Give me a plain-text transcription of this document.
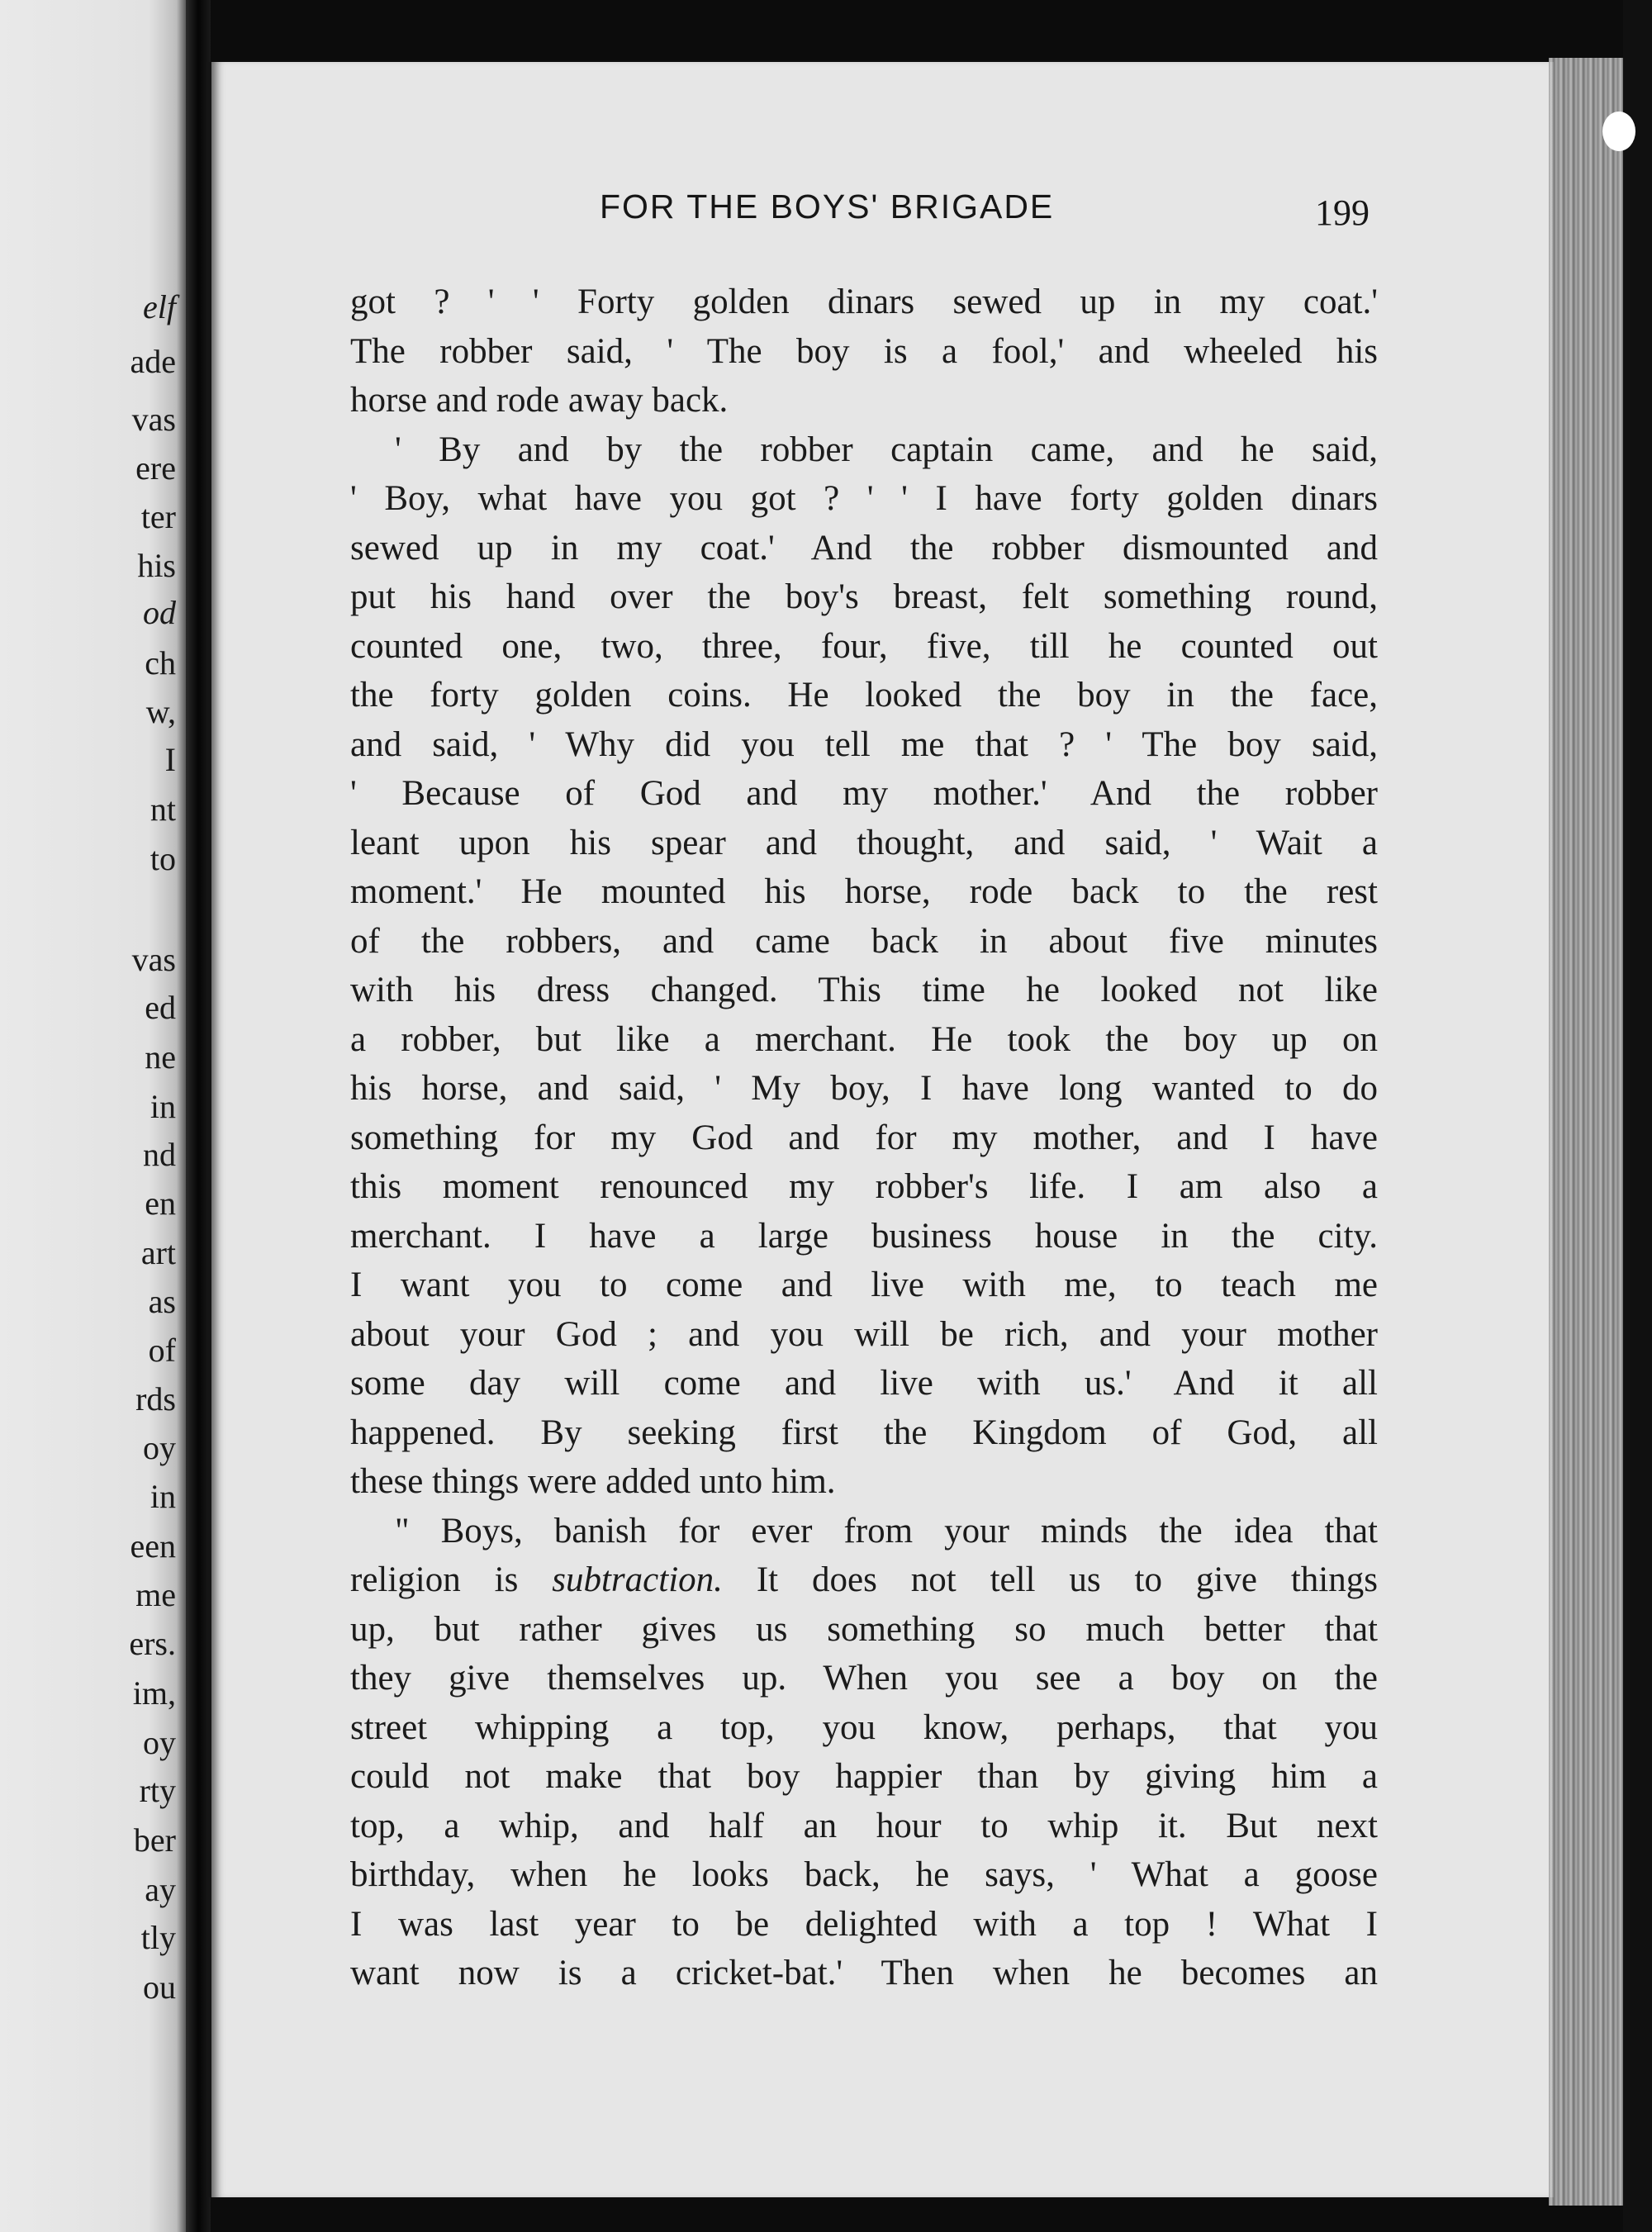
elf
ade
vas
ere
ter
his
od
ch
w,
I
nt
to
vas
ed
ne
in
nd
en
art
as
of
rds
oy
in
een
me
ers.
im,
oy
rty
ber
ay
tly
ou
FOR THE BOYS' BRIGADE	199
got ? ' ' Forty golden dinars sewed up in my coat.'
The robber said, ' The boy is a fool,' and wheeled his
horse and rode away back.
' By and by the robber captain came, and he said,
' Boy, what have you got ? ' ' I have forty golden dinars
sewed up in my coat.' And the robber dismounted and
put his hand over the boy's breast, felt something round,
counted one, two, three, four, five, till he counted out
the forty golden coins. He looked the boy in the face,
and said, ' Why did you tell me that ? ' The boy said,
' Because of God and my mother.' And the robber
leant upon his spear and thought, and said, ' Wait a
moment.' He mounted his horse, rode back to the rest
of the robbers, and came back in about five minutes
with his dress changed. This time he looked not like
a robber, but like a merchant. He took the boy up on
his horse, and said, ' My boy, I have long wanted to do
something for my God and for my mother, and I have
this moment renounced my robber's life. I am also a
merchant. I have a large business house in the city.
I want you to come and live with me, to teach me
about your God ; and you will be rich, and your mother
some day will come and live with us.' And it all
happened. By seeking first the Kingdom of God, all
these things were added unto him.
" Boys, banish for ever from your minds the idea that
religion is subtraction. It does not tell us to give things
up, but rather gives us something so much better that
they give themselves up. When you see a boy on the
street whipping a top, you know, perhaps, that you
could not make that boy happier than by giving him a
top, a whip, and half an hour to whip it. But next
birthday, when he looks back, he says, ' What a goose
I was last year to be delighted with a top ! What I
want now is a cricket-bat.' Then when he becomes an
